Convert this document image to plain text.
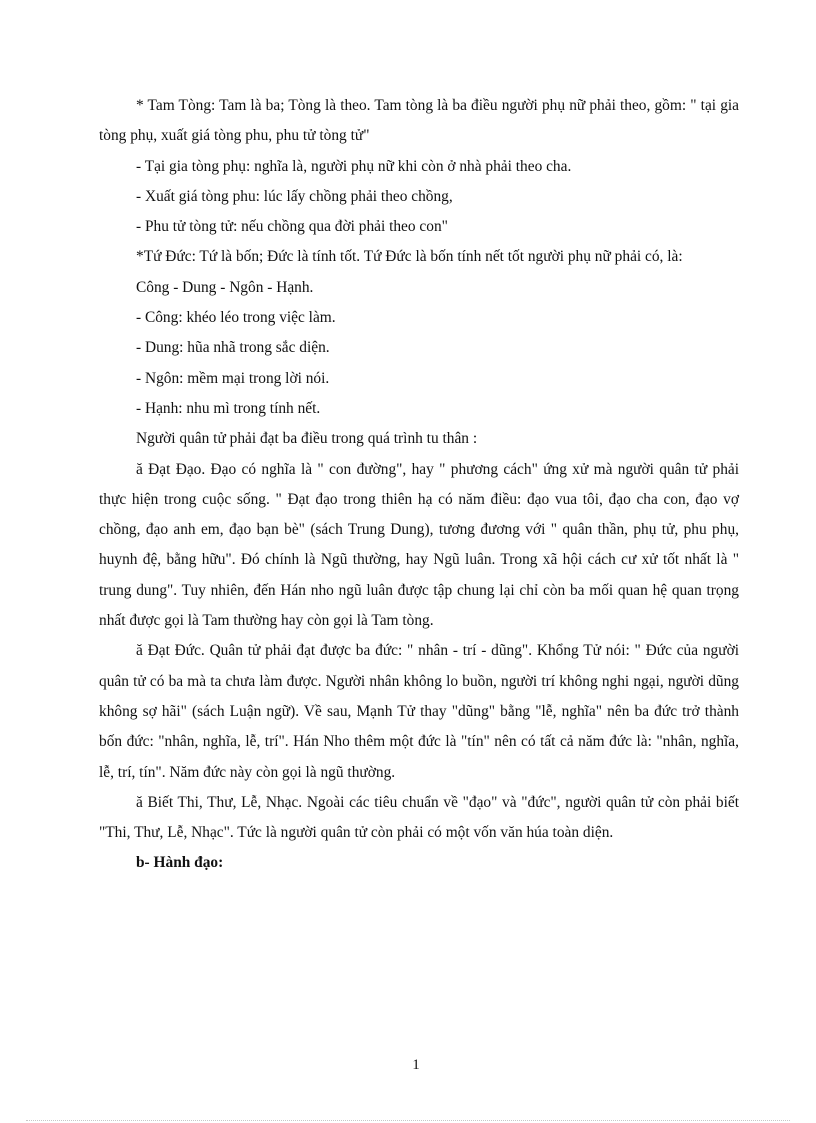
* Tam Tòng: Tam là ba; Tòng là theo. Tam tòng là ba điều người phụ nữ phải theo, gồm: " tại gia tòng phụ, xuất giá tòng phu, phu tử tòng tử"

- Tại gia tòng phụ: nghĩa là, người phụ nữ khi còn ở nhà phải theo cha.

- Xuất giá tòng phu: lúc lấy chồng phải theo chồng,

- Phu tử tòng tử: nếu chồng qua đời phải theo con"

*Tứ Đức: Tứ là bốn; Đức là tính tốt. Tứ Đức là bốn tính nết tốt người phụ nữ phải có, là:

Công - Dung - Ngôn - Hạnh.

- Công: khéo léo trong việc làm.

- Dung: hũa nhã trong sắc diện.

- Ngôn: mềm mại trong lời nói.

- Hạnh: nhu mì trong tính nết.

Người quân tử phải đạt ba điều trong quá trình tu thân :

ă Đạt Đạo. Đạo có nghĩa là " con đường", hay " phương cách" ứng xử mà người quân tử phải thực hiện trong cuộc sống. " Đạt đạo trong thiên hạ có năm điều: đạo vua tôi, đạo cha con, đạo vợ chồng, đạo anh em, đạo bạn bè" (sách Trung Dung), tương đương với " quân thần, phụ tử, phu phụ, huynh đệ, bằng hữu". Đó chính là Ngũ thường, hay Ngũ luân. Trong xã hội cách cư xử tốt nhất là " trung dung". Tuy nhiên, đến Hán nho ngũ luân được tập chung lại chỉ còn ba mối quan hệ quan trọng nhất được gọi là Tam thường hay còn gọi là Tam tòng.

ă Đạt Đức. Quân tử phải đạt được ba đức: " nhân - trí - dũng". Khổng Tử nói: " Đức của người quân tử có ba mà ta chưa làm được. Người nhân không lo buồn, người trí không nghi ngại, người dũng không sợ hãi" (sách Luận ngữ). Về sau, Mạnh Tử thay "dũng" bằng "lễ, nghĩa" nên ba đức trở thành bốn đức: "nhân, nghĩa, lễ, trí". Hán Nho thêm một đức là "tín" nên có tất cả năm đức là: "nhân, nghĩa, lễ, trí, tín". Năm đức này còn gọi là ngũ thường.

ă Biết Thi, Thư, Lễ, Nhạc. Ngoài các tiêu chuẩn về "đạo" và "đức", người quân tử còn phải biết "Thi, Thư, Lễ, Nhạc". Tức là người quân tử còn phải có một vốn văn húa toàn diện.

b- Hành đạo:

1
